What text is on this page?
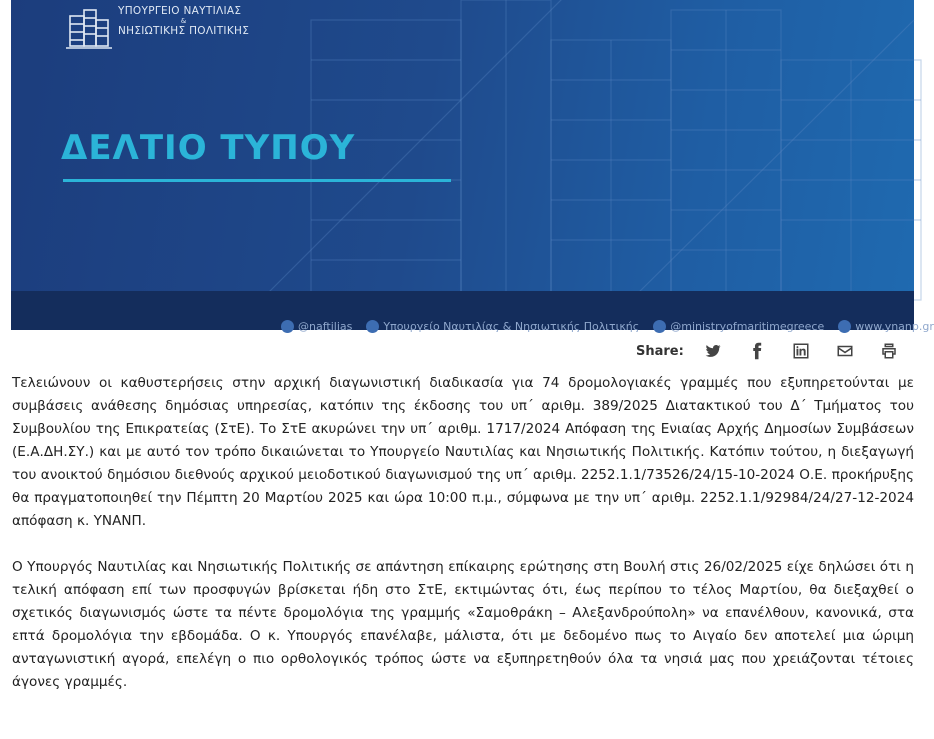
ΥΠΟΥΡΓΕΙΟ ΝΑΥΤΙΛΙΑΣ
&
ΝΗΣΙΩΤΙΚΗΣ ΠΟΛΙΤΙΚΗΣ
ΔΕΛΤΙΟ ΤΥΠΟΥ
@naftilias	Υπουργείο Ναυτιλίας & Νησιωτικής Πολιτικής	@ministryofmaritimegreece	www.ynanp.gr
Share:

Τελειώνουν οι καθυστερήσεις στην αρχική διαγωνιστική διαδικασία για 74 δρομολογιακές γραμμές που εξυπηρετούνται με συμβάσεις ανάθεσης δημόσιας υπηρεσίας, κατόπιν της έκδοσης του υπ΄ αριθμ. 389/2025 Διατακτικού του Δ΄ Τμήματος του Συμβουλίου της Επικρατείας (ΣτΕ). Το ΣτΕ ακυρώνει την υπ΄ αριθμ. 1717/2024 Απόφαση της Ενιαίας Αρχής Δημοσίων Συμβάσεων (Ε.Α.ΔΗ.ΣΥ.) και με αυτό τον τρόπο δικαιώνεται το Υπουργείο Ναυτιλίας και Νησιωτικής Πολιτικής. Κατόπιν τούτου, η διεξαγωγή του ανοικτού δημόσιου διεθνούς αρχικού μειοδοτικού διαγωνισμού της υπ΄ αριθμ. 2252.1.1/73526/24/15-10-2024 Ο.Ε. προκήρυξης θα πραγματοποιηθεί την Πέμπτη 20 Μαρτίου 2025 και ώρα 10:00 π.μ., σύμφωνα με την υπ΄ αριθμ. 2252.1.1/92984/24/27-12-2024 απόφαση κ. ΥΝΑΝΠ.

Ο Υπουργός Ναυτιλίας και Νησιωτικής Πολιτικής σε απάντηση επίκαιρης ερώτησης στη Βουλή στις 26/02/2025 είχε δηλώσει ότι η τελική απόφαση επί των προσφυγών βρίσκεται ήδη στο ΣτΕ, εκτιμώντας ότι, έως περίπου το τέλος Μαρτίου, θα διεξαχθεί ο σχετικός διαγωνισμός ώστε τα πέντε δρομολόγια της γραμμής «Σαμοθράκη – Αλεξανδρούπολη» να επανέλθουν, κανονικά, στα επτά δρομολόγια την εβδομάδα. Ο κ. Υπουργός επανέλαβε, μάλιστα, ότι με δεδομένο πως το Αιγαίο δεν αποτελεί μια ώριμη ανταγωνιστική αγορά, επελέγη ο πιο ορθολογικός τρόπος ώστε να εξυπηρετηθούν όλα τα νησιά μας που χρειάζονται τέτοιες άγονες γραμμές.
